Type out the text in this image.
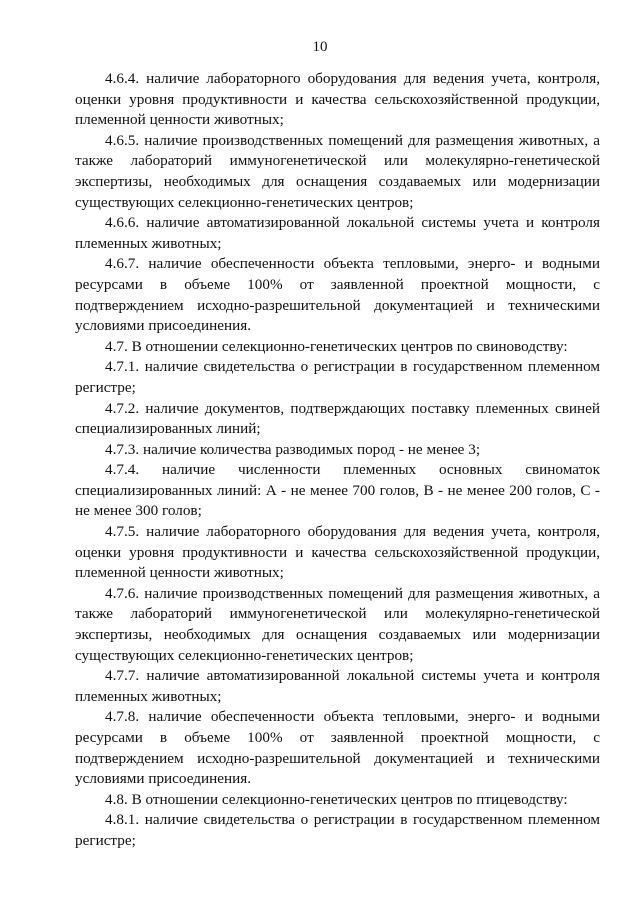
10

4.6.4. наличие лабораторного оборудования для ведения учета, контроля, оценки уровня продуктивности и качества сельскохозяйственной продукции, племенной ценности животных;

4.6.5. наличие производственных помещений для размещения животных, а также лабораторий иммуногенетической или молекулярно-генетической экспертизы, необходимых для оснащения создаваемых или модернизации существующих селекционно-генетических центров;

4.6.6. наличие автоматизированной локальной системы учета и контроля племенных животных;

4.6.7. наличие обеспеченности объекта тепловыми, энерго- и водными ресурсами в объеме 100% от заявленной проектной мощности, с подтверждением исходно-разрешительной документацией и техническими условиями присоединения.

4.7. В отношении селекционно-генетических центров по свиноводству:

4.7.1. наличие свидетельства о регистрации в государственном племенном регистре;

4.7.2. наличие документов, подтверждающих поставку племенных свиней специализированных линий;

4.7.3. наличие количества разводимых пород - не менее 3;

4.7.4. наличие численности племенных основных свиноматок специализированных линий: А - не менее 700 голов, В - не менее 200 голов, С - не менее 300 голов;

4.7.5. наличие лабораторного оборудования для ведения учета, контроля, оценки уровня продуктивности и качества сельскохозяйственной продукции, племенной ценности животных;

4.7.6. наличие производственных помещений для размещения животных, а также лабораторий иммуногенетической или молекулярно-генетической экспертизы, необходимых для оснащения создаваемых или модернизации существующих селекционно-генетических центров;

4.7.7. наличие автоматизированной локальной системы учета и контроля племенных животных;

4.7.8. наличие обеспеченности объекта тепловыми, энерго- и водными ресурсами в объеме 100% от заявленной проектной мощности, с подтверждением исходно-разрешительной документацией и техническими условиями присоединения.

4.8. В отношении селекционно-генетических центров по птицеводству:

4.8.1. наличие свидетельства о регистрации в государственном племенном регистре;
